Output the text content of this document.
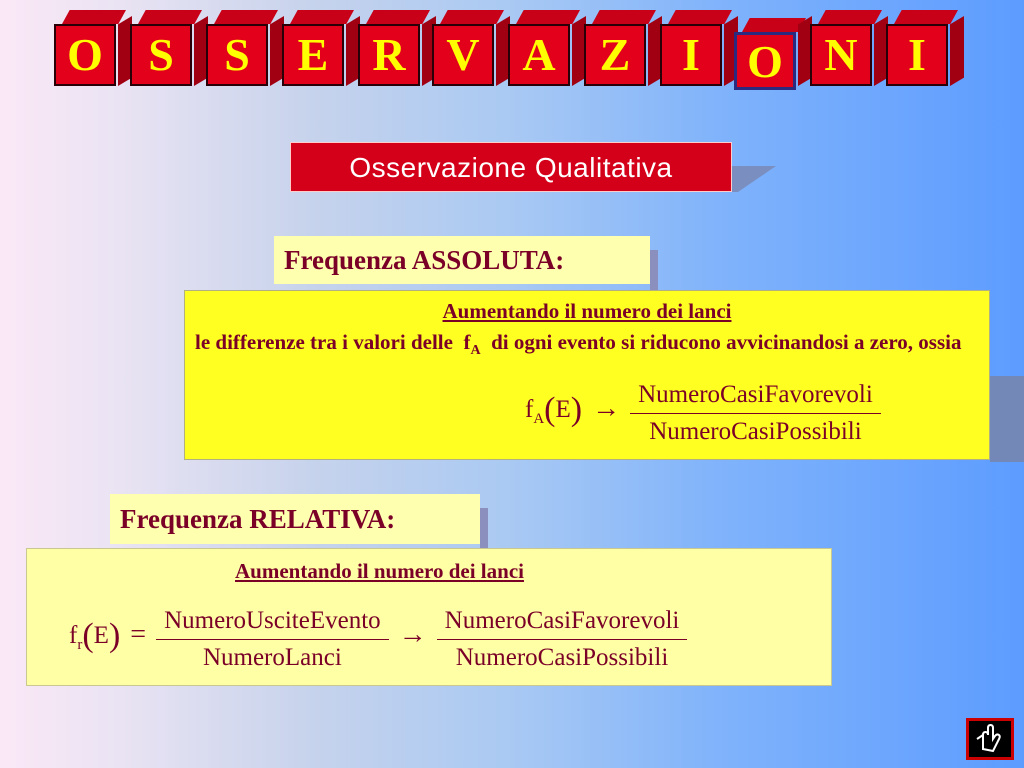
O S	S	E R V A Z	I	O N	I
Osservazione Qualitativa
Frequenza ASSOLUTA:
Aumentando il numero dei lanci
le differenze tra i valori delle $f_A$ di ogni evento si riducono avvicinandosi a zero, ossia
$f_A(E) \to \frac{\text{NumeroCasiFavorevoli}}{\text{NumeroCasiPossibili}}$
Frequenza RELATIVA:
Aumentando il numero dei lanci
$f_r(E) = \frac{\text{NumeroUsciteEvento}}{\text{NumeroLanci}} \to \frac{\text{NumeroCasiFavorevoli}}{\text{NumeroCasiPossibili}}$
